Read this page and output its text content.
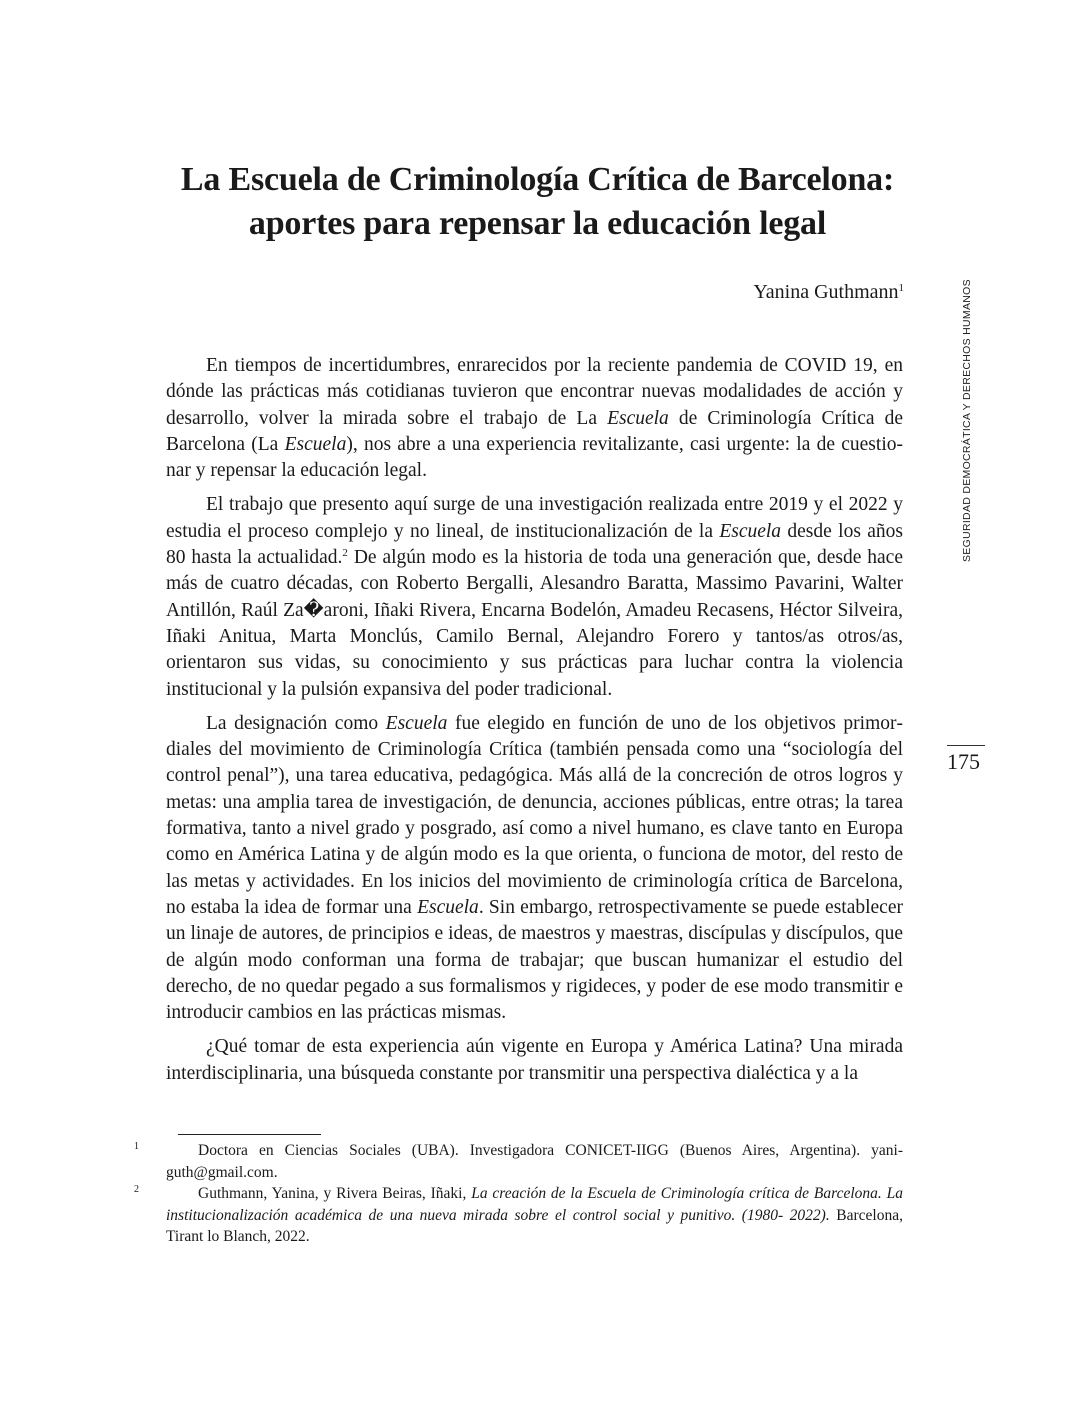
La Escuela de Criminología Crítica de Barcelona:
aportes para repensar la educación legal
Yanina Guthmann$^1$

En tiempos de incertidumbres, enrarecidos por la reciente pandemia de COVID 19, en dónde las prácticas más cotidianas tuvieron que encontrar nuevas modalidades de acción y desarrollo, volver la mirada sobre el trabajo de La Escuela de Criminología Crítica de Barcelona (La Escuela), nos abre a una experiencia revitalizante, casi urgente: la de cuestionar y repensar la educación legal.

El trabajo que presento aquí surge de una investigación realizada entre 2019 y el 2022 y estudia el proceso complejo y no lineal, de institucionalización de la Escuela desde los años 80 hasta la actualidad.$^2$ De algún modo es la historia de toda una generación que, desde hace más de cuatro décadas, con Roberto Bergalli, Alesandro Baratta, Massimo Pavarini, Walter Antillón, Raúl Za�aroni, Iñaki Rivera, Encarna Bodelón, Amadeu Recasens, Héctor Silveira, Iñaki Anitua, Marta Monclús, Camilo Bernal, Alejandro Forero y tantos/as otros/as, orientaron sus vidas, su conocimiento y sus prácticas para luchar contra la violencia institucional y la pulsión expansiva del poder tradicional.

La designación como Escuela fue elegido en función de uno de los objetivos primordiales del movimiento de Criminología Crítica (también pensada como una “sociología del control penal”), una tarea educativa, pedagógica. Más allá de la concreción de otros logros y metas: una amplia tarea de investigación, de denuncia, acciones públicas, entre otras; la tarea formativa, tanto a nivel grado y posgrado, así como a nivel humano, es clave tanto en Europa como en América Latina y de algún modo es la que orienta, o funciona de motor, del resto de las metas y actividades. En los inicios del movimiento de criminología crítica de Barcelona, no estaba la idea de formar una Escuela. Sin embargo, retrospectivamente se puede establecer un linaje de autores, de principios e ideas, de maestros y maestras, discípulas y discípulos, que de algún modo conforman una forma de trabajar; que buscan humanizar el estudio del derecho, de no quedar pegado a sus formalismos y rigideces, y poder de ese modo transmitir e introducir cambios en las prácticas mismas.

¿Qué tomar de esta experiencia aún vigente en Europa y América Latina? Una mirada interdisciplinaria, una búsqueda constante por transmitir una perspectiva dialéctica y a la

1	Doctora en Ciencias Sociales (UBA). Investigadora CONICET-IIGG (Buenos Aires, Argentina). yaniguth@gmail.com.

2	Guthmann, Yanina, y Rivera Beiras, Iñaki, La creación de la Escuela de Criminología crítica de Barcelona. La institucionalización académica de una nueva mirada sobre el control social y punitivo. (1980- 2022). Barcelona, Tirant lo Blanch, 2022.

SEGURIDAD DEMOCRÁTICA Y DERECHOS HUMANOS
175
